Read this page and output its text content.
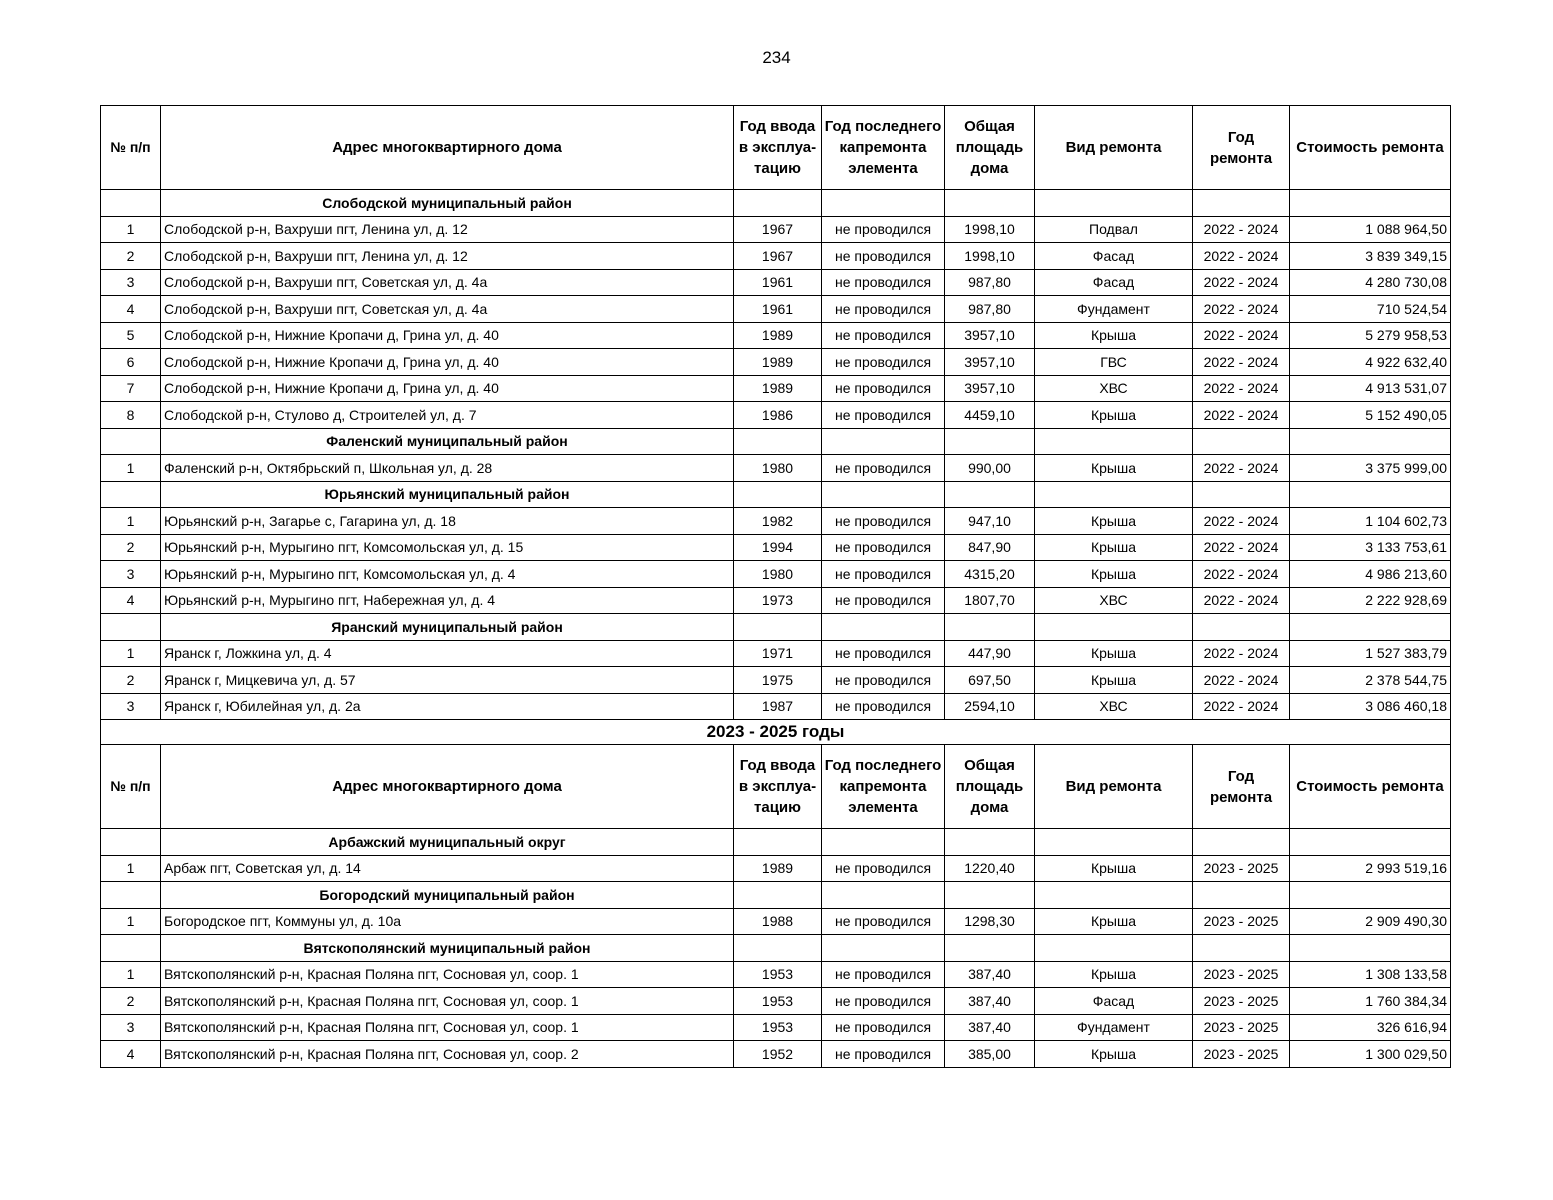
234
№ п/п	Адрес многоквартирного дома	Год ввода в эксплуа-тацию	Год последнего капремонта элемента	Общая площадь дома	Вид ремонта	Год ремонта	Стоимость ремонта
	Слободской муниципальный район						
1	Слободской р-н, Вахруши пгт, Ленина ул, д. 12	1967	не проводился	1998,10	Подвал	2022 - 2024	1 088 964,50
2	Слободской р-н, Вахруши пгт, Ленина ул, д. 12	1967	не проводился	1998,10	Фасад	2022 - 2024	3 839 349,15
3	Слободской р-н, Вахруши пгт, Советская ул, д. 4а	1961	не проводился	987,80	Фасад	2022 - 2024	4 280 730,08
4	Слободской р-н, Вахруши пгт, Советская ул, д. 4а	1961	не проводился	987,80	Фундамент	2022 - 2024	710 524,54
5	Слободской р-н, Нижние Кропачи д, Грина ул, д. 40	1989	не проводился	3957,10	Крыша	2022 - 2024	5 279 958,53
6	Слободской р-н, Нижние Кропачи д, Грина ул, д. 40	1989	не проводился	3957,10	ГВС	2022 - 2024	4 922 632,40
7	Слободской р-н, Нижние Кропачи д, Грина ул, д. 40	1989	не проводился	3957,10	ХВС	2022 - 2024	4 913 531,07
8	Слободской р-н, Стулово д, Строителей ул, д. 7	1986	не проводился	4459,10	Крыша	2022 - 2024	5 152 490,05
	Фаленский муниципальный район						
1	Фаленский р-н, Октябрьский п, Школьная ул, д. 28	1980	не проводился	990,00	Крыша	2022 - 2024	3 375 999,00
	Юрьянский муниципальный район						
1	Юрьянский р-н, Загарье с, Гагарина ул, д. 18	1982	не проводился	947,10	Крыша	2022 - 2024	1 104 602,73
2	Юрьянский р-н, Мурыгино пгт, Комсомольская ул, д. 15	1994	не проводился	847,90	Крыша	2022 - 2024	3 133 753,61
3	Юрьянский р-н, Мурыгино пгт, Комсомольская ул, д. 4	1980	не проводился	4315,20	Крыша	2022 - 2024	4 986 213,60
4	Юрьянский р-н, Мурыгино пгт, Набережная ул, д. 4	1973	не проводился	1807,70	ХВС	2022 - 2024	2 222 928,69
	Яранский муниципальный район						
1	Яранск г, Ложкина ул, д. 4	1971	не проводился	447,90	Крыша	2022 - 2024	1 527 383,79
2	Яранск г, Мицкевича ул, д. 57	1975	не проводился	697,50	Крыша	2022 - 2024	2 378 544,75
3	Яранск г, Юбилейная ул, д. 2а	1987	не проводился	2594,10	ХВС	2022 - 2024	3 086 460,18
2023 - 2025 годы							
№ п/п	Адрес многоквартирного дома	Год ввода в эксплуа-тацию	Год последнего капремонта элемента	Общая площадь дома	Вид ремонта	Год ремонта	Стоимость ремонта
	Арбажский муниципальный округ						
1	Арбаж пгт, Советская ул, д. 14	1989	не проводился	1220,40	Крыша	2023 - 2025	2 993 519,16
	Богородский муниципальный район						
1	Богородское пгт, Коммуны ул, д. 10а	1988	не проводился	1298,30	Крыша	2023 - 2025	2 909 490,30
	Вятскополянский муниципальный район						
1	Вятскополянский р-н, Красная Поляна пгт, Сосновая ул, соор. 1	1953	не проводился	387,40	Крыша	2023 - 2025	1 308 133,58
2	Вятскополянский р-н, Красная Поляна пгт, Сосновая ул, соор. 1	1953	не проводился	387,40	Фасад	2023 - 2025	1 760 384,34
3	Вятскополянский р-н, Красная Поляна пгт, Сосновая ул, соор. 1	1953	не проводился	387,40	Фундамент	2023 - 2025	326 616,94
4	Вятскополянский р-н, Красная Поляна пгт, Сосновая ул, соор. 2	1952	не проводился	385,00	Крыша	2023 - 2025	1 300 029,50
